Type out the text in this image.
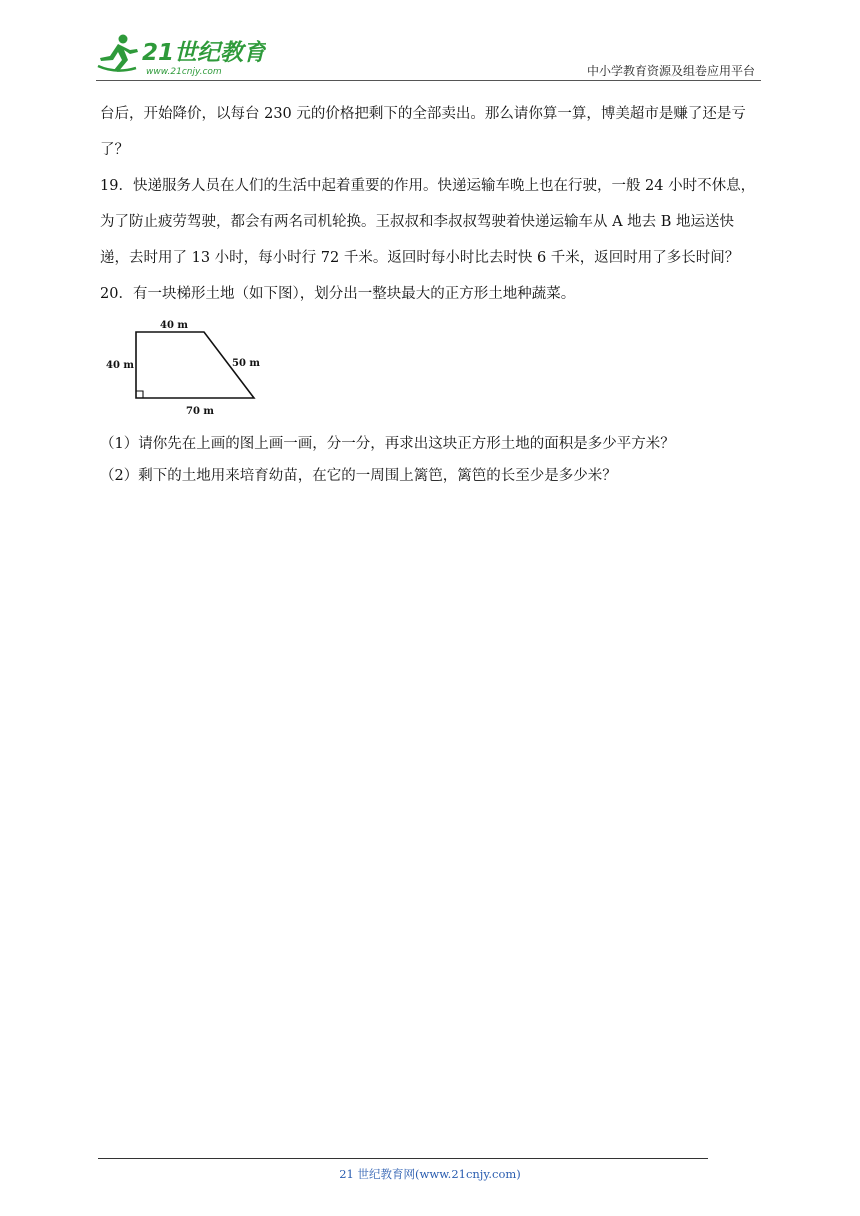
21世纪教育
www.21cnjy.com	中小学教育资源及组卷应用平台
台后，开始降价，以每台 230 元的价格把剩下的全部卖出。那么请你算一算，博美超市是赚了还是亏
了？
19．快递服务人员在人们的生活中起着重要的作用。快递运输车晚上也在行驶，一般 24 小时不休息，
为了防止疲劳驾驶，都会有两名司机轮换。王叔叔和李叔叔驾驶着快递运输车从 A 地去 B 地运送快
递，去时用了 13 小时，每小时行 72 千米。返回时每小时比去时快 6 千米，返回时用了多长时间？
20．有一块梯形土地（如下图），划分出一整块最大的正方形土地种蔬菜。
40 m
40 m	50 m
70 m
（1）请你先在上画的图上画一画，分一分，再求出这块正方形土地的面积是多少平方米？
（2）剩下的土地用来培育幼苗，在它的一周围上篱笆，篱笆的长至少是多少米？
21 世纪教育网(www.21cnjy.com)
